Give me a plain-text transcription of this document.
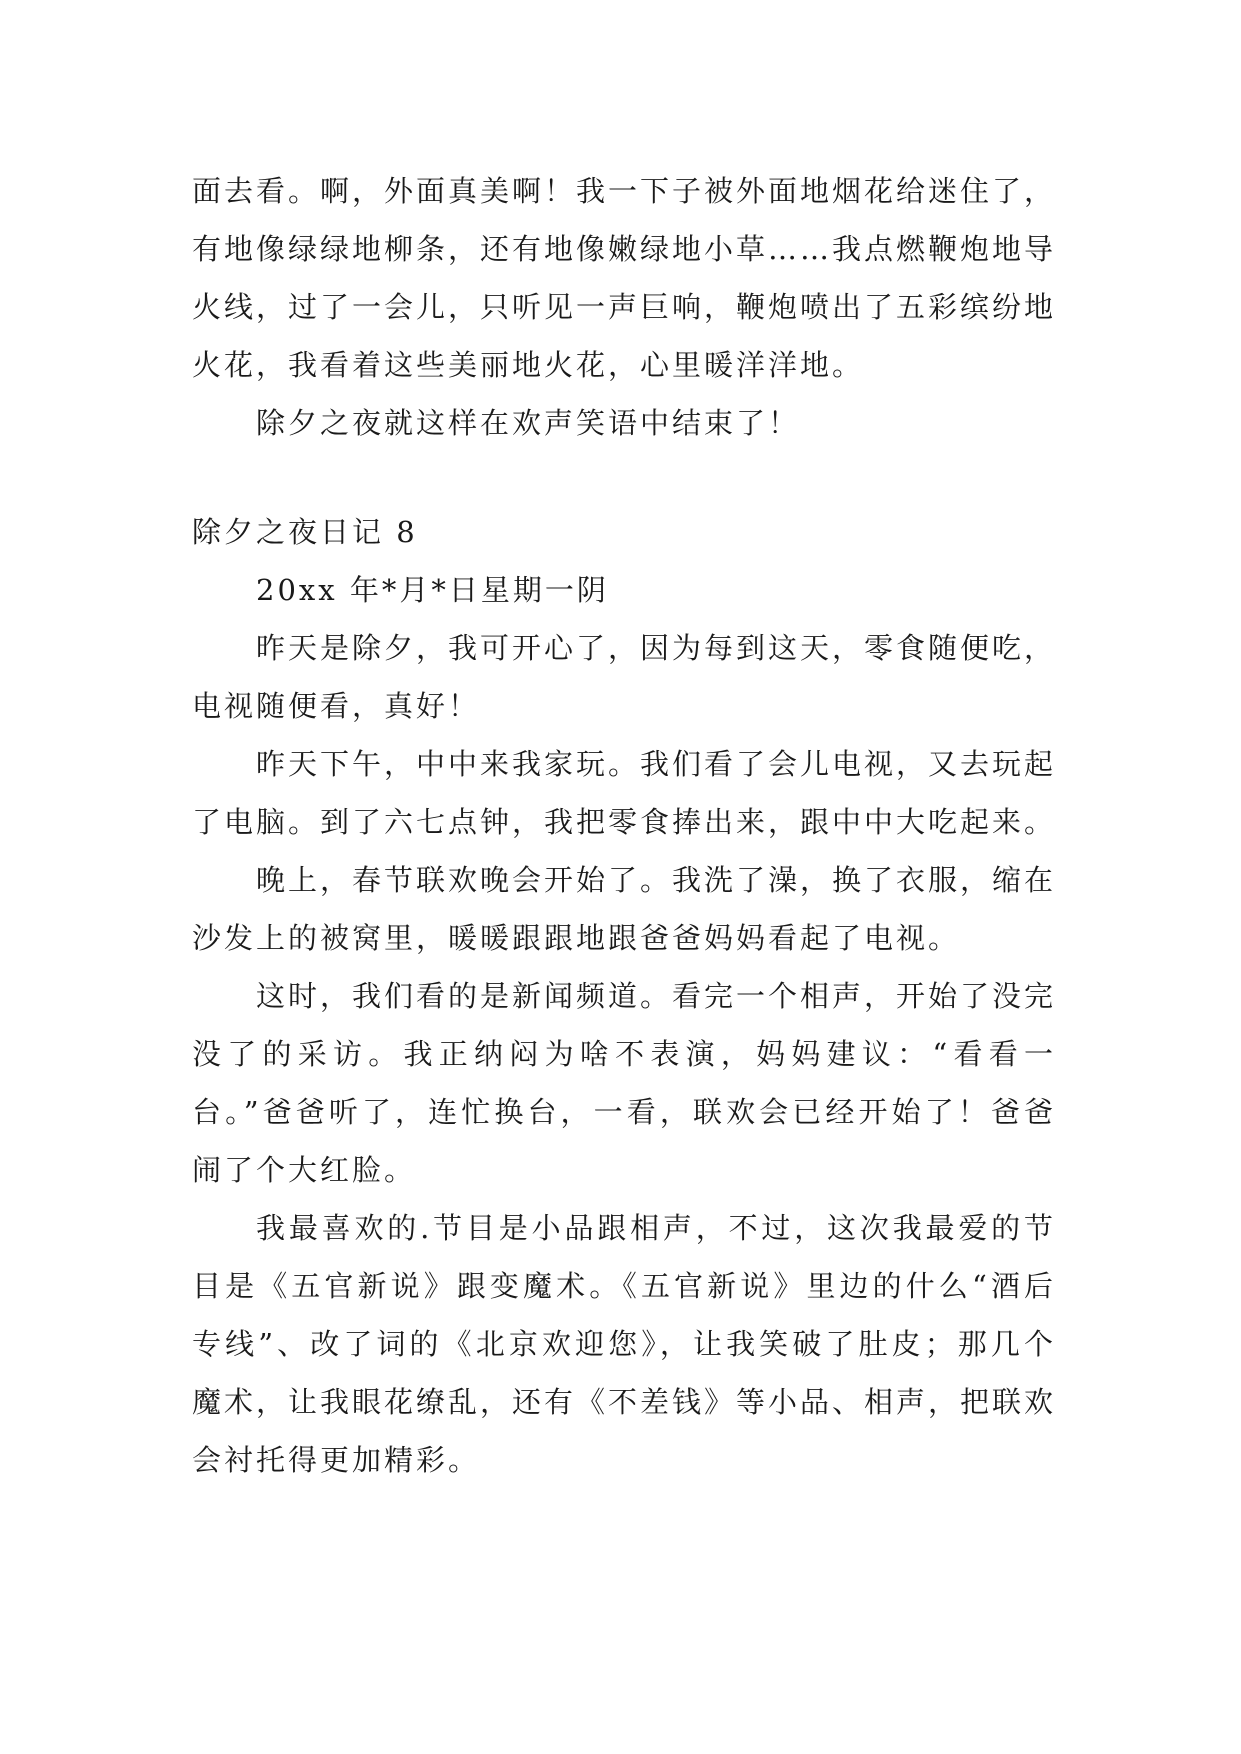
面去看。啊，外面真美啊！我一下子被外面地烟花给迷住了，有地像绿绿地柳条，还有地像嫩绿地小草……我点燃鞭炮地导火线，过了一会儿，只听见一声巨响，鞭炮喷出了五彩缤纷地火花，我看着这些美丽地火花，心里暖洋洋地。

除夕之夜就这样在欢声笑语中结束了！

除夕之夜日记 8

20xx 年*月*日星期一阴

昨天是除夕，我可开心了，因为每到这天，零食随便吃，电视随便看，真好！

昨天下午，中中来我家玩。我们看了会儿电视，又去玩起了电脑。到了六七点钟，我把零食捧出来，跟中中大吃起来。

晚上，春节联欢晚会开始了。我洗了澡，换了衣服，缩在沙发上的被窝里，暖暖跟跟地跟爸爸妈妈看起了电视。

这时，我们看的是新闻频道。看完一个相声，开始了没完没了的采访。我正纳闷为啥不表演，妈妈建议：“看看一台。”爸爸听了，连忙换台，一看，联欢会已经开始了！爸爸闹了个大红脸。

我最喜欢的.节目是小品跟相声，不过，这次我最爱的节目是《五官新说》跟变魔术。《五官新说》里边的什么“酒后专线”、改了词的《北京欢迎您》，让我笑破了肚皮；那几个魔术，让我眼花缭乱，还有《不差钱》等小品、相声，把联欢会衬托得更加精彩。
